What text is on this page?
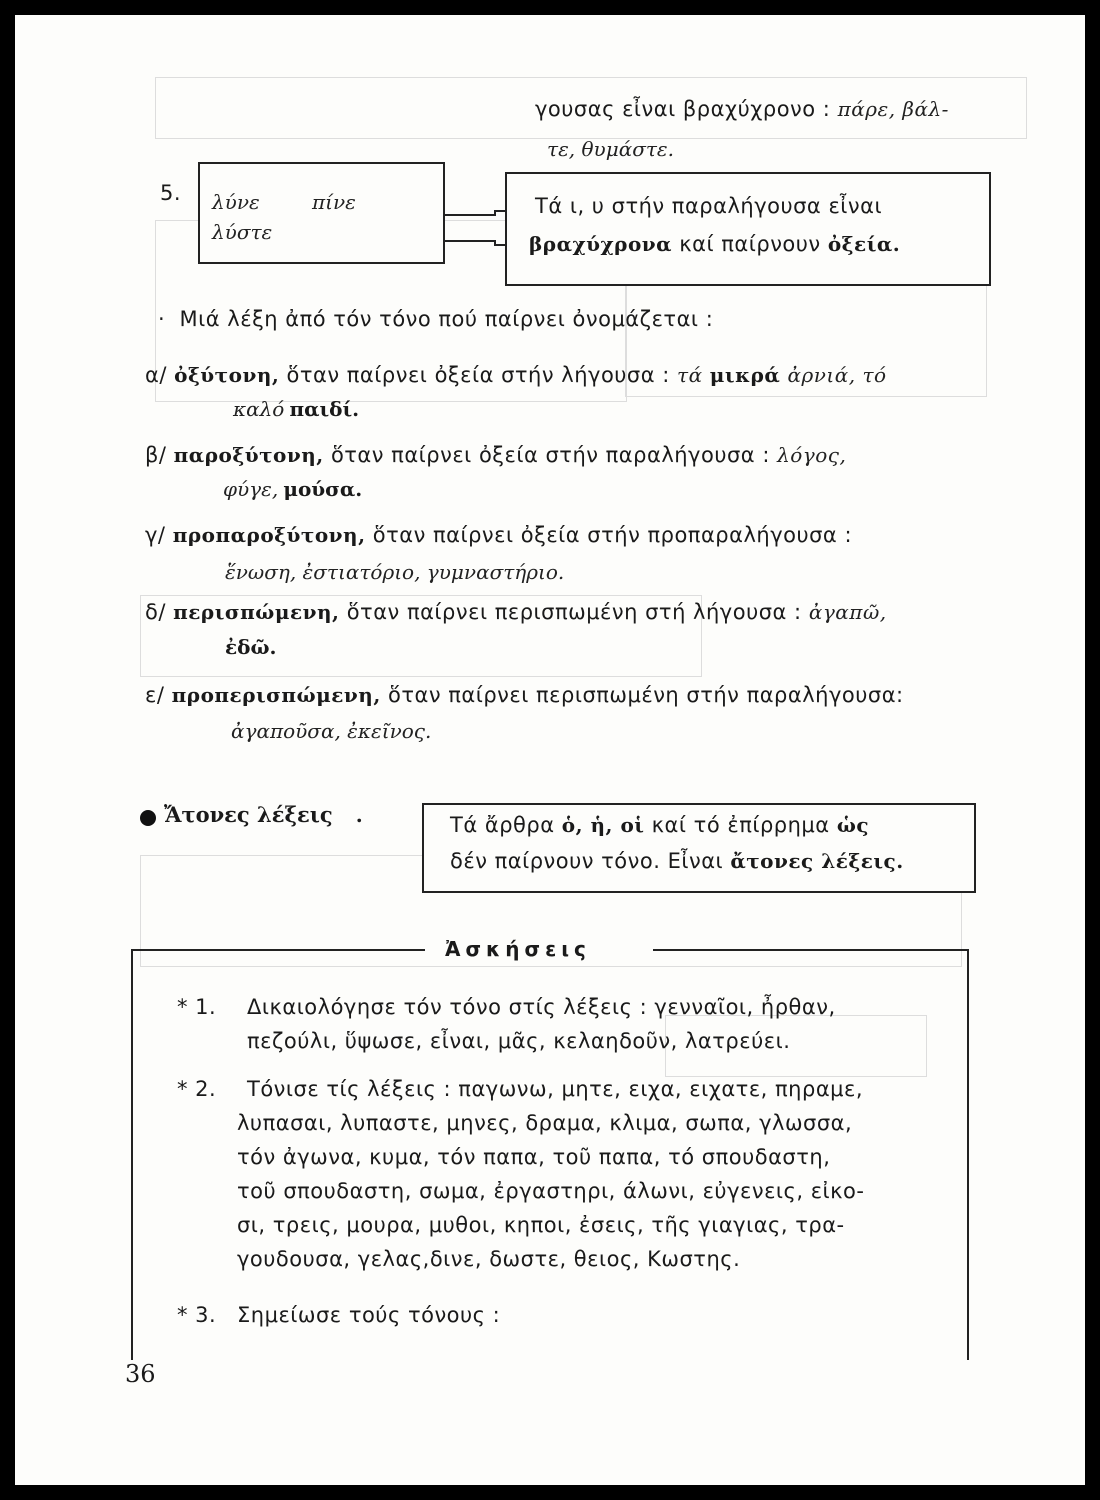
γουσας εἶναι βραχύχρονο : πάρε, βάλ-
τε, θυμάστε.
5. λύνε	πίνε
λύστε
Τά ι, υ στήν παραλήγουσα εἶναι
βραχύχρονα καί παίρνουν ὀξεία.
· Μιά λέξη ἀπό τόν τόνο πού παίρνει ὀνομάζεται :
α/ ὀξύτονη, ὅταν παίρνει ὀξεία στήν λήγουσα : τά μικρά ἀρνιά, τό
καλό παιδί.
β/ παροξύτονη, ὅταν παίρνει ὀξεία στήν παραλήγουσα : λόγος,
φύγε, μούσα.
γ/ προπαροξύτονη, ὅταν παίρνει ὀξεία στήν προπαραλήγουσα :
ἕνωση, ἐστιατόριο, γυμναστήριο.
δ/ περισπώμενη, ὅταν παίρνει περισπωμένη στή λήγουσα : ἀγαπῶ,
ἐδῶ.
ε/ προπερισπώμενη, ὅταν παίρνει περισπωμένη στήν παραλήγουσα:
ἀγαποῦσα, ἐκεῖνος.
Ἄτονες λέξεις .	Τά ἄρθρα ὁ, ἡ, οἱ καί τό ἐπίρρημα ὡς
δέν παίρνουν τόνο. Εἶναι ἄτονες λέξεις.
Ἀσκήσεις
* 1. Δικαιολόγησε τόν τόνο στίς λέξεις : γενναῖοι, ἦρθαν,
πεζούλι, ὕψωσε, εἶναι, μᾶς, κελαηδοῦν, λατρεύει.
* 2. Τόνισε τίς λέξεις : παγωνω, μητε, ειχα, ειχατε, πηραμε,
λυπασαι, λυπαστε, μηνες, δραμα, κλιμα, σωπα, γλωσσα,
τόν ἀγωνα, κυμα, τόν παπα, τοῦ παπα, τό σπουδαστη,
τοῦ σπουδαστη, σωμα, ἐργαστηρι, άλωνι, εὐγενεις, εἰκο-
σι, τρεις, μουρα, μυθοι, κηποι, ἐσεις, τῆς γιαγιας, τρα-
γουδουσα, γελας,δινε, δωστε, θειος, Κωστης.
* 3. Σημείωσε τούς τόνους :
36
